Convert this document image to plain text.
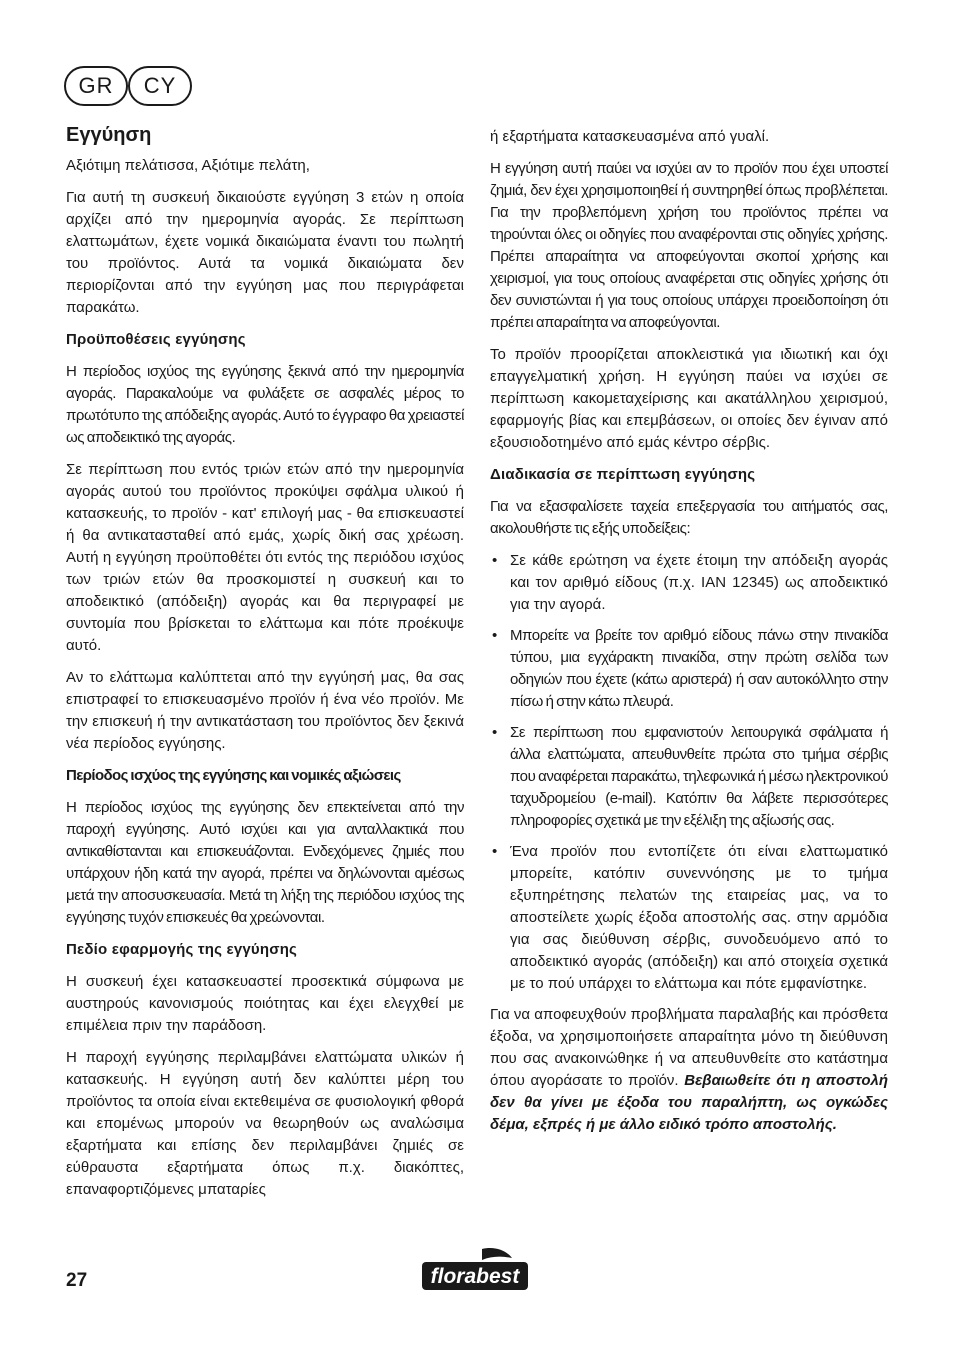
GR	CY
Εγγύηση

Αξιότιμη πελάτισσα, Αξιότιμε πελάτη,

Για αυτή τη συσκευή δικαιούστε εγγύηση 3 ετών η οποία αρχίζει από την ημερομηνία αγοράς. Σε περίπτωση ελαττωμάτων, έχετε νομικά δικαιώματα έναντι του πωλητή του προϊόντος. Αυτά τα νομικά δικαιώματα δεν περιορίζονται από την εγγύηση μας που περιγράφεται παρακάτω.

Προϋποθέσεις εγγύησης

Η περίοδος ισχύος της εγγύησης ξεκινά από την ημερομηνία αγοράς. Παρακαλούμε να φυλάξετε σε ασφαλές μέρος το πρωτότυπο της απόδειξης αγοράς. Αυτό το έγγραφο θα χρειαστεί ως αποδεικτικό της αγοράς.

Σε περίπτωση που εντός τριών ετών από την ημερομηνία αγοράς αυτού του προϊόντος προκύψει σφάλμα υλικού ή κατασκευής, το προϊόν - κατ' επιλογή μας - θα επισκευαστεί ή θα αντικατασταθεί από εμάς, χωρίς δική σας χρέωση. Αυτή η εγγύηση προϋποθέτει ότι εντός της περιόδου ισχύος των τριών ετών θα προσκομιστεί η συσκευή και το αποδεικτικό (απόδειξη) αγοράς και θα περιγραφεί με συντομία που βρίσκεται το ελάττωμα και πότε προέκυψε αυτό.

Αν το ελάττωμα καλύπτεται από την εγγύησή μας, θα σας επιστραφεί το επισκευασμένο προϊόν ή ένα νέο προϊόν. Με την επισκευή ή την αντικατάσταση του προϊόντος δεν ξεκινά νέα περίοδος εγγύησης.

Περίοδος ισχύος της εγγύησης και νομικές αξιώσεις

Η περίοδος ισχύος της εγγύησης δεν επεκτείνεται από την παροχή εγγύησης. Αυτό ισχύει και για ανταλλακτικά που αντικαθίστανται και επισκευάζονται. Ενδεχόμενες ζημιές που υπάρχουν ήδη κατά την αγορά, πρέπει να δηλώνονται αμέσως μετά την αποσυσκευασία. Μετά τη λήξη της περιόδου ισχύος της εγγύησης τυχόν επισκευές θα χρεώνονται.

Πεδίο εφαρμογής της εγγύησης

Η συσκευή έχει κατασκευαστεί προσεκτικά σύμφωνα με αυστηρούς κανονισμούς ποιότητας και έχει ελεγχθεί με επιμέλεια πριν την παράδοση.

Η παροχή εγγύησης περιλαμβάνει ελαττώματα υλικών ή κατασκευής. Η εγγύηση αυτή δεν καλύπτει μέρη του προϊόντος τα οποία είναι εκτεθειμένα σε φυσιολογική φθορά και επομένως μπορούν να θεωρηθούν ως αναλώσιμα εξαρτήματα και επίσης δεν περιλαμβάνει ζημιές σε εύθραυστα εξαρτήματα όπως π.χ. διακόπτες, επαναφορτιζόμενες μπαταρίες

ή εξαρτήματα κατασκευασμένα από γυαλί.

Η εγγύηση αυτή παύει να ισχύει αν το προϊόν που έχει υποστεί ζημιά, δεν έχει χρησιμοποιηθεί ή συντηρηθεί όπως προβλέπεται. Για την προβλεπόμενη χρήση του προϊόντος πρέπει να τηρούνται όλες οι οδηγίες που αναφέρονται στις οδηγίες χρήσης. Πρέπει απαραίτητα να αποφεύγονται σκοποί χρήσης και χειρισμοί, για τους οποίους αναφέρεται στις οδηγίες χρήσης ότι δεν συνιστώνται ή για τους οποίους υπάρχει προειδοποίηση ότι πρέπει απαραίτητα να αποφεύγονται.

Το προϊόν προορίζεται αποκλειστικά για ιδιωτική και όχι επαγγελματική χρήση. Η εγγύηση παύει να ισχύει σε περίπτωση κακομεταχείρισης και ακατάλληλου χειρισμού, εφαρμογής βίας και επεμβάσεων, οι οποίες δεν έγιναν από εξουσιοδοτημένο από εμάς κέντρο σέρβις.

Διαδικασία σε περίπτωση εγγύησης

Για να εξασφαλίσετε ταχεία επεξεργασία του αιτήματός σας, ακολουθήστε τις εξής υποδείξεις:

• Σε κάθε ερώτηση να έχετε έτοιμη την απόδειξη αγοράς και τον αριθμό είδους (π.χ. IAN 12345) ως αποδεικτικό για την αγορά.

• Μπορείτε να βρείτε τον αριθμό είδους πάνω στην πινακίδα τύπου, μια εγχάρακτη πινακίδα, στην πρώτη σελίδα των οδηγιών που έχετε (κάτω αριστερά) ή σαν αυτοκόλλητο στην πίσω ή στην κάτω πλευρά.

• Σε περίπτωση που εμφανιστούν λειτουργικά σφάλματα ή άλλα ελαττώματα, απευθυνθείτε πρώτα στο τμήμα σέρβις που αναφέρεται παρακάτω, τηλεφωνικά ή μέσω ηλεκτρονικού ταχυδρομείου (e-mail). Κατόπιν θα λάβετε περισσότερες πληροφορίες σχετικά με την εξέλιξη της αξίωσής σας.

• Ένα προϊόν που εντοπίζετε ότι είναι ελαττωματικό μπορείτε, κατόπιν συνεννόησης με το τμήμα εξυπηρέτησης πελατών της εταιρείας μας, να το αποστείλετε χωρίς έξοδα αποστολής σας. στην αρμόδια για σας διεύθυνση σέρβις, συνοδευόμενο από το αποδεικτικό αγοράς (απόδειξη) και από στοιχεία σχετικά με το πού υπάρχει το ελάττωμα και πότε εμφανίστηκε.

Για να αποφευχθούν προβλήματα παραλαβής και πρόσθετα έξοδα, να χρησιμοποιήσετε απαραίτητα μόνο τη διεύθυνση που σας ανακοινώθηκε ή να απευθυνθείτε στο κατάστημα όπου αγοράσατε το προϊόν. Βεβαιωθείτε ότι η αποστολή δεν θα γίνει με έξοδα του παραλήπτη, ως ογκώδες δέμα, εξπρές ή με άλλο ειδικό τρόπο αποστολής.

27	florabest
